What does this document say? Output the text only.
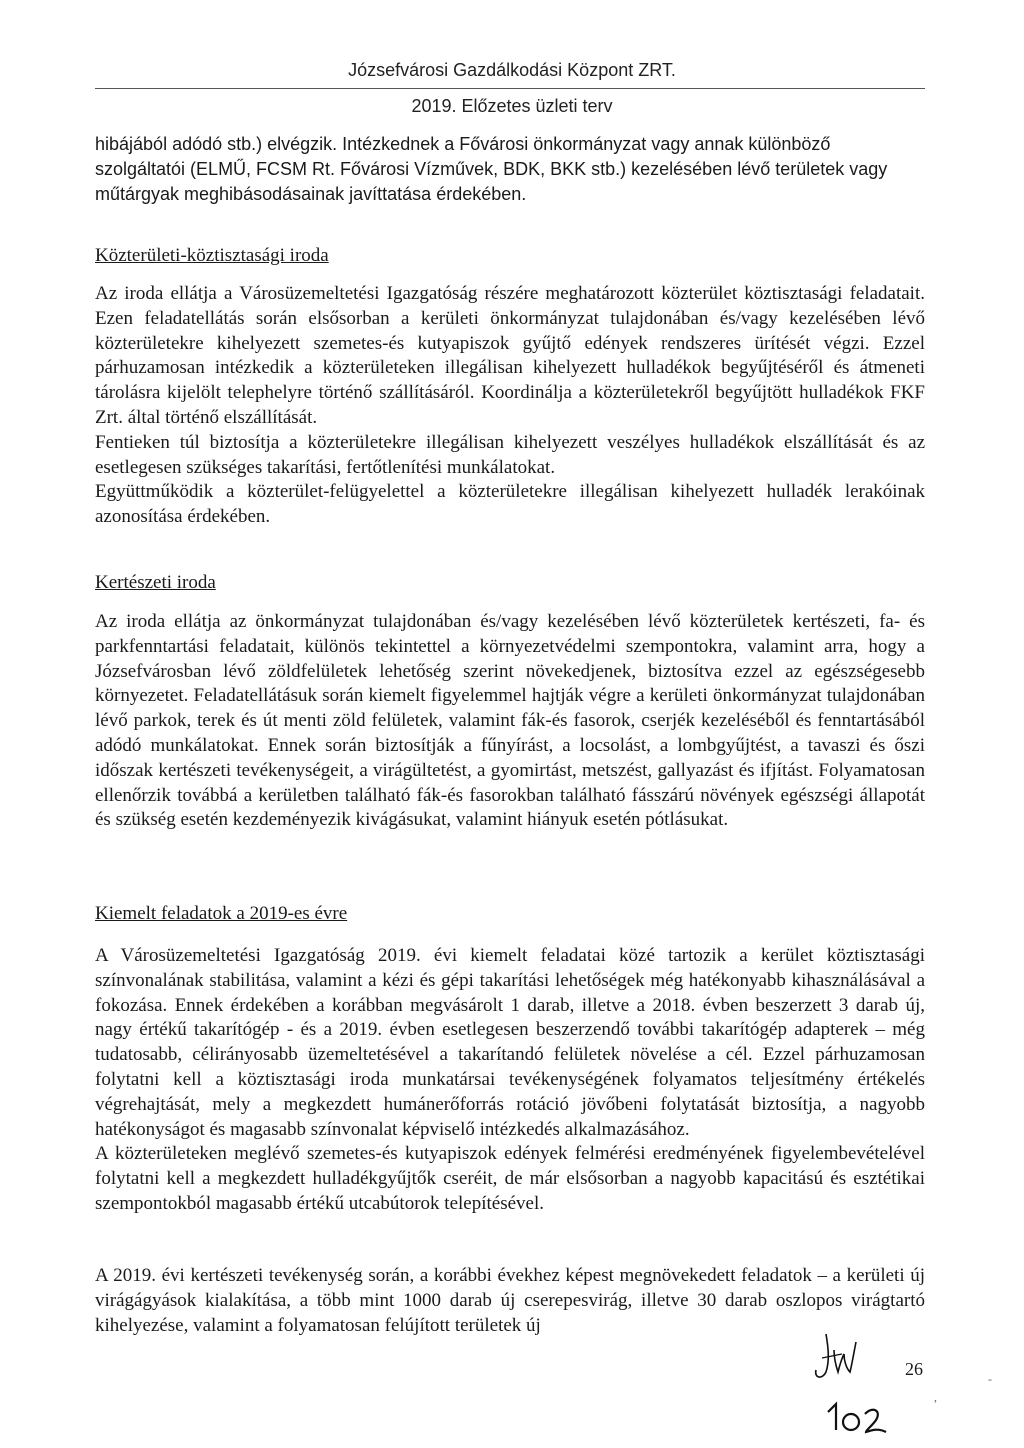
Józsefvárosi Gazdálkodási Központ ZRT.
2019. Előzetes üzleti terv

hibájából adódó stb.) elvégzik. Intézkednek a Fővárosi önkormányzat vagy annak különböző szolgáltatói (ELMŰ, FCSM Rt. Fővárosi Vízművek, BDK, BKK stb.) kezelésében lévő területek vagy műtárgyak meghibásodásainak javíttatása érdekében.

Közterületi-köztisztasági iroda

Az iroda ellátja a Városüzemeltetési Igazgatóság részére meghatározott közterület köztisztasági feladatait. Ezen feladatellátás során elsősorban a kerületi önkormányzat tulajdonában és/vagy kezelésében lévő közterületekre kihelyezett szemetes-és kutyapiszok gyűjtő edények rendszeres ürítését végzi. Ezzel párhuzamosan intézkedik a közterületeken illegálisan kihelyezett hulladékok begyűjtéséről és átmeneti tárolásra kijelölt telephelyre történő szállításáról. Koordinálja a közterületekről begyűjtött hulladékok FKF Zrt. által történő elszállítását.

Fentieken túl biztosítja a közterületekre illegálisan kihelyezett veszélyes hulladékok elszállítását és az esetlegesen szükséges takarítási, fertőtlenítési munkálatokat.

Együttműködik a közterület-felügyelettel a közterületekre illegálisan kihelyezett hulladék lerakóinak azonosítása érdekében.

Kertészeti iroda

Az iroda ellátja az önkormányzat tulajdonában és/vagy kezelésében lévő közterületek kertészeti, fa- és parkfenntartási feladatait, különös tekintettel a környezetvédelmi szempontokra, valamint arra, hogy a Józsefvárosban lévő zöldfelületek lehetőség szerint növekedjenek, biztosítva ezzel az egészségesebb környezetet. Feladatellátásuk során kiemelt figyelemmel hajtják végre a kerületi önkormányzat tulajdonában lévő parkok, terek és út menti zöld felületek, valamint fák-és fasorok, cserjék kezeléséből és fenntartásából adódó munkálatokat. Ennek során biztosítják a fűnyírást, a locsolást, a lombgyűjtést, a tavaszi és őszi időszak kertészeti tevékenységeit, a virágültetést, a gyomirtást, metszést, gallyazást és ifjítást. Folyamatosan ellenőrzik továbbá a kerületben található fák-és fasorokban található fásszárú növények egészségi állapotát és szükség esetén kezdeményezik kivágásukat, valamint hiányuk esetén pótlásukat.

Kiemelt feladatok a 2019-es évre

A Városüzemeltetési Igazgatóság 2019. évi kiemelt feladatai közé tartozik a kerület köztisztasági színvonalának stabilitása, valamint a kézi és gépi takarítási lehetőségek még hatékonyabb kihasználásával a fokozása. Ennek érdekében a korábban megvásárolt 1 darab, illetve a 2018. évben beszerzett 3 darab új, nagy értékű takarítógép - és a 2019. évben esetlegesen beszerzendő további takarítógép adapterek – még tudatosabb, célirányosabb üzemeltetésével a takarítandó felületek növelése a cél. Ezzel párhuzamosan folytatni kell a köztisztasági iroda munkatársai tevékenységének folyamatos teljesítmény értékelés végrehajtását, mely a megkezdett humánerőforrás rotáció jövőbeni folytatását biztosítja, a nagyobb hatékonyságot és magasabb színvonalat képviselő intézkedés alkalmazásához.

A közterületeken meglévő szemetes-és kutyapiszok edények felmérési eredményének figyelembevételével folytatni kell a megkezdett hulladékgyűjtők cseréit, de már elsősorban a nagyobb kapacitású és esztétikai szempontokból magasabb értékű utcabútorok telepítésével.

A 2019. évi kertészeti tevékenység során, a korábbi évekhez képest megnövekedett feladatok – a kerületi új virágágyások kialakítása, a több mint 1000 darab új cserepesvirág, illetve 30 darab oszlopos virágtartó kihelyezése, valamint a folyamatosan felújított területek új

26	-
,
